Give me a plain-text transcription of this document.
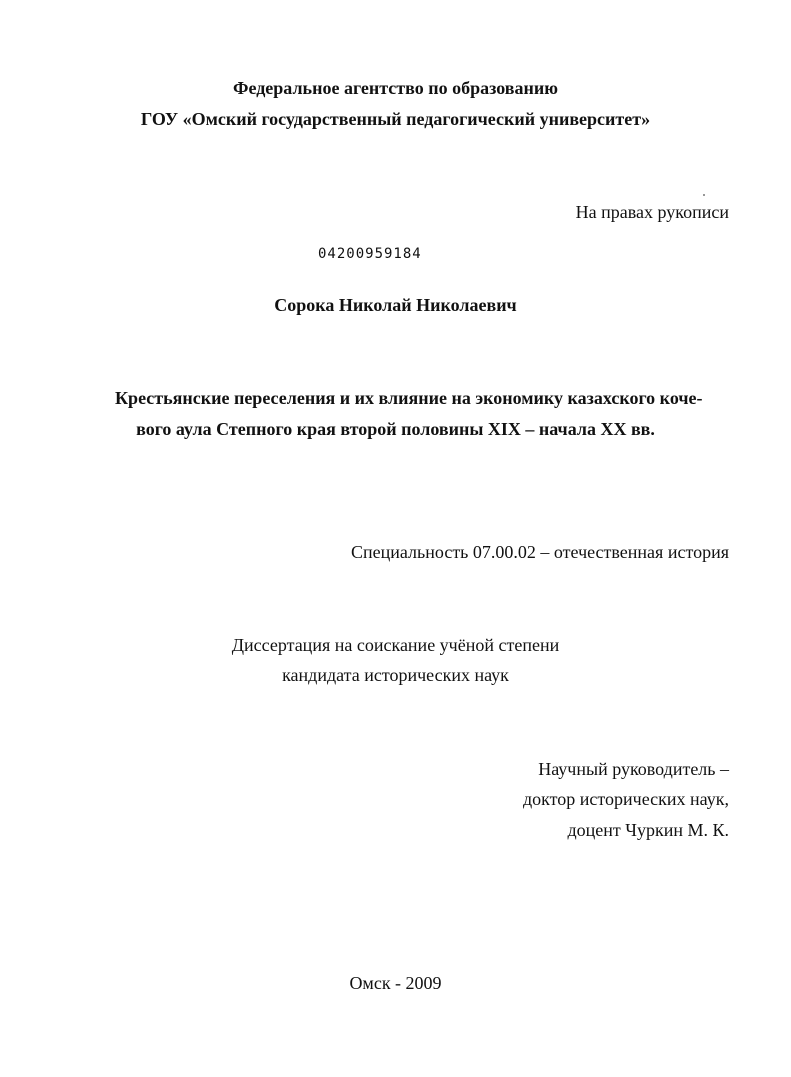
Федеральное агентство по образованию
ГОУ «Омский государственный педагогический университет»
На правах рукописи
04200959184
Сорока Николай Николаевич
Крестьянские переселения и их влияние на экономику казахского коче-
вого аула Степного края второй половины XIX – начала XX вв.
Специальность 07.00.02 – отечественная история
Диссертация на соискание учёной степени
кандидата исторических наук
Научный руководитель –
доктор исторических наук,
доцент Чуркин М. К.
Омск - 2009
